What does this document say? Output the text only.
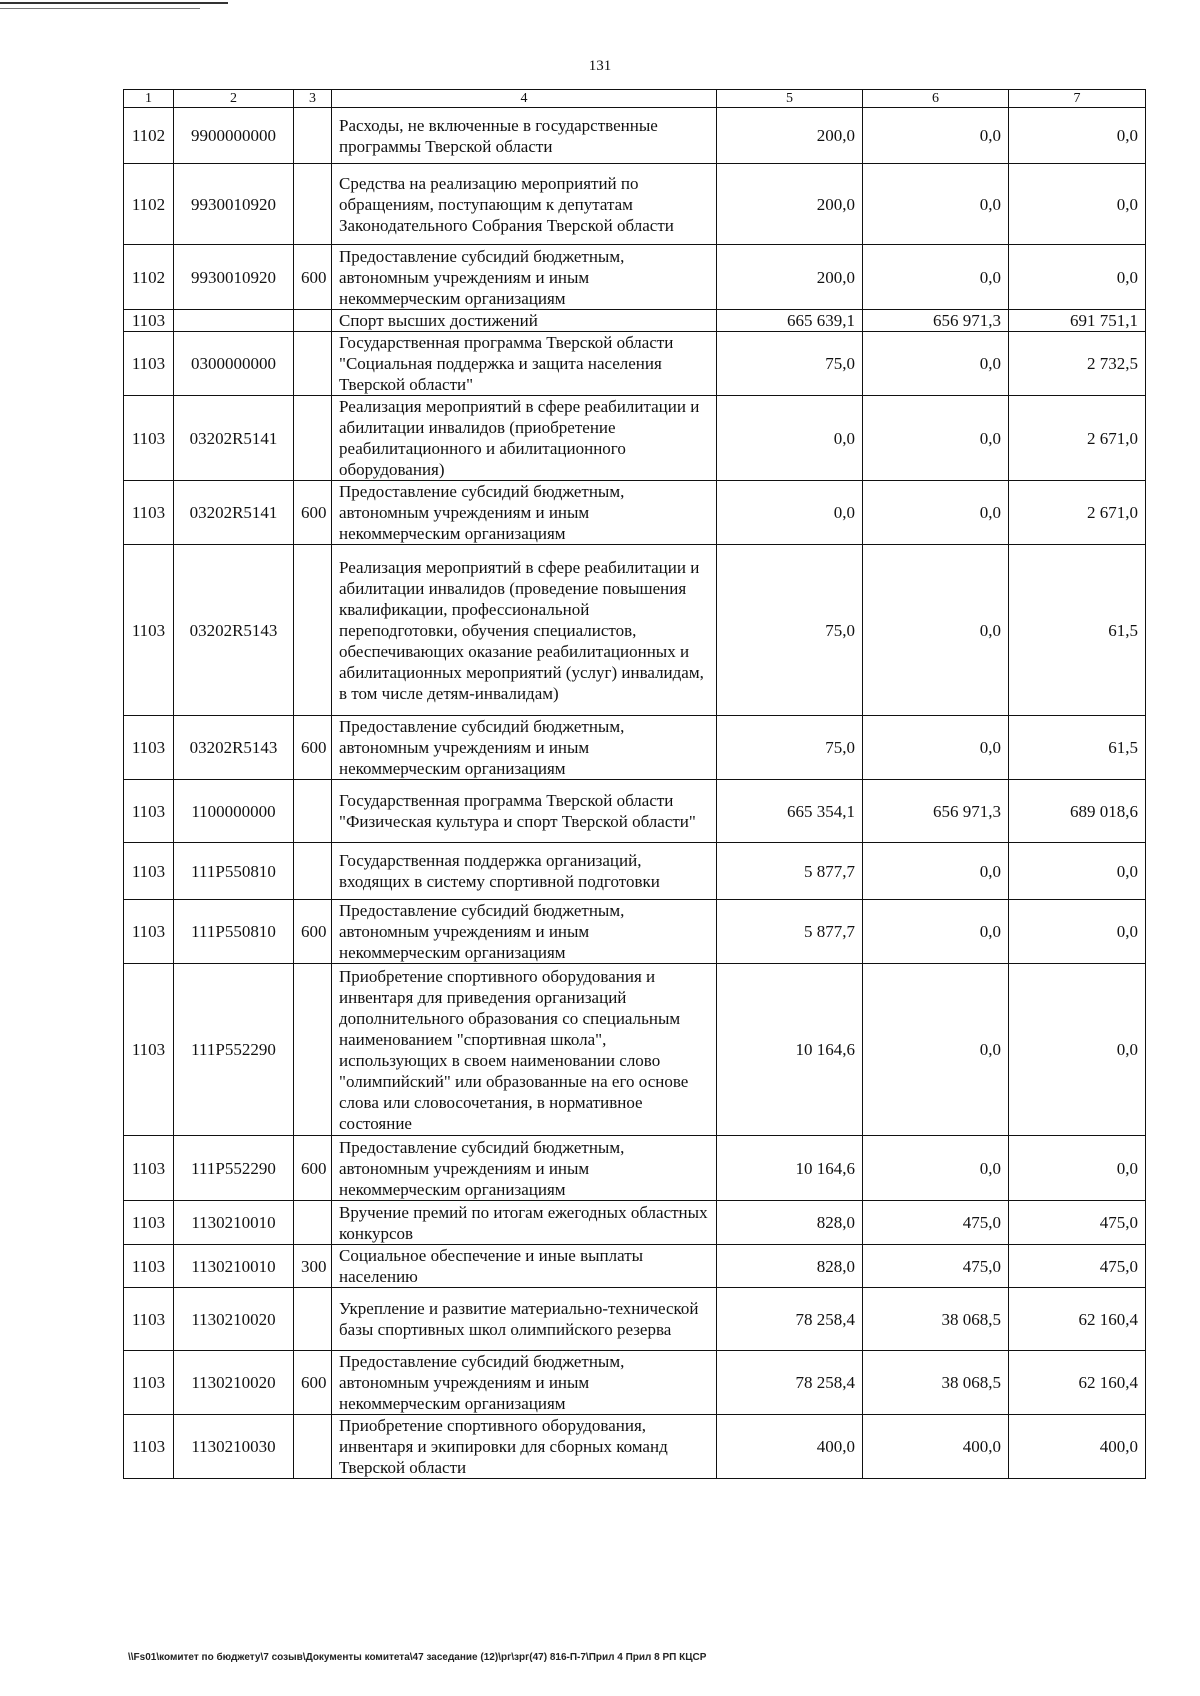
131
1	2	3	4	5	6	7
1102	9900000000		Расходы, не включенные в государственные программы Тверской области	200,0	0,0	0,0
1102	9930010920		Средства на реализацию мероприятий по обращениям, поступающим к депутатам Законодательного Собрания Тверской области	200,0	0,0	0,0
1102	9930010920	600	Предоставление субсидий бюджетным, автономным учреждениям и иным некоммерческим организациям	200,0	0,0	0,0
1103			Спорт высших достижений	665 639,1	656 971,3	691 751,1
1103	0300000000		Государственная программа Тверской области "Социальная поддержка и защита населения Тверской области"	75,0	0,0	2 732,5
1103	03202R5141		Реализация мероприятий в сфере реабилитации и абилитации инвалидов (приобретение реабилитационного и абилитационного оборудования)	0,0	0,0	2 671,0
1103	03202R5141	600	Предоставление субсидий бюджетным, автономным учреждениям и иным некоммерческим организациям	0,0	0,0	2 671,0
1103	03202R5143		Реализация мероприятий в сфере реабилитации и абилитации инвалидов (проведение повышения квалификации, профессиональной переподготовки, обучения специалистов, обеспечивающих оказание реабилитационных и абилитационных мероприятий (услуг) инвалидам, в том числе детям-инвалидам)	75,0	0,0	61,5
1103	03202R5143	600	Предоставление субсидий бюджетным, автономным учреждениям и иным некоммерческим организациям	75,0	0,0	61,5
1103	1100000000		Государственная программа Тверской области "Физическая культура и спорт Тверской области"	665 354,1	656 971,3	689 018,6
1103	111P550810		Государственная поддержка организаций, входящих в систему спортивной подготовки	5 877,7	0,0	0,0
1103	111P550810	600	Предоставление субсидий бюджетным, автономным учреждениям и иным некоммерческим организациям	5 877,7	0,0	0,0
1103	111P552290		Приобретение спортивного оборудования и инвентаря для приведения организаций дополнительного образования со специальным наименованием "спортивная школа", использующих в своем наименовании слово "олимпийский" или образованные на его основе слова или словосочетания, в нормативное состояние	10 164,6	0,0	0,0
1103	111P552290	600	Предоставление субсидий бюджетным, автономным учреждениям и иным некоммерческим организациям	10 164,6	0,0	0,0
1103	1130210010		Вручение премий по итогам ежегодных областных конкурсов	828,0	475,0	475,0
1103	1130210010	300	Социальное обеспечение и иные выплаты населению	828,0	475,0	475,0
1103	1130210020		Укрепление и развитие материально-технической базы спортивных школ олимпийского резерва	78 258,4	38 068,5	62 160,4
1103	1130210020	600	Предоставление субсидий бюджетным, автономным учреждениям и иным некоммерческим организациям	78 258,4	38 068,5	62 160,4
1103	1130210030		Приобретение спортивного оборудования, инвентаря и экипировки для сборных команд Тверской области	400,0	400,0	400,0
\\Fs01\комитет по бюджету\7 созыв\Документы комитета\47 заседание (12)\рг\зрг(47) 816-П-7\Прил 4 Прил 8 РП КЦСР
